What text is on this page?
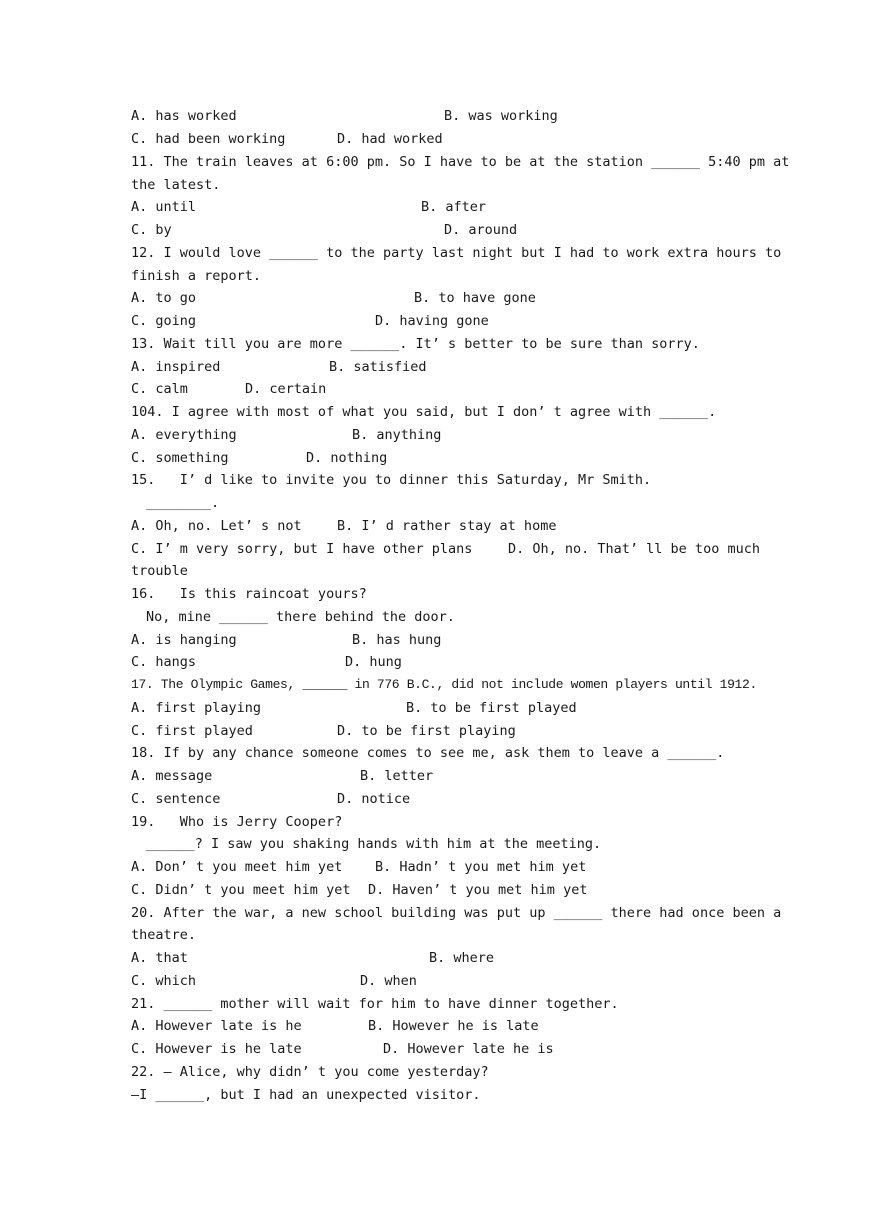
A. has worked	B. was working
C. had been working	D. had worked
11. The train leaves at 6:00 pm. So I have to be at the station ______ 5:40 pm at
the latest.
A. until	B. after
C. by	D. around
12. I would love ______ to the party last night but I had to work extra hours to
finish a report.
A. to go	B. to have gone
C. going	D. having gone
13. Wait till you are more ______. It’ s better to be sure than sorry.
A. inspired	B. satisfied
C. calm	D. certain
104. I agree with most of what you said, but I don’ t agree with ______.
A. everything	B. anything
C. something	D. nothing
15.   I’ d like to invite you to dinner this Saturday, Mr Smith.
________.
A. Oh, no. Let’ s not	B. I’ d rather stay at home
C. I’ m very sorry, but I have other plans	D. Oh, no. That’ ll be too much
trouble
16.   Is this raincoat yours?
No, mine ______ there behind the door.
A. is hanging	B. has hung
C. hangs	D. hung
17. The Olympic Games, ______ in 776 B.C., did not include women players until 1912.
A. first playing	B. to be first played
C. first played	D. to be first playing
18. If by any chance someone comes to see me, ask them to leave a ______.
A. message	B. letter
C. sentence	D. notice
19.   Who is Jerry Cooper?
______? I saw you shaking hands with him at the meeting.
A. Don’ t you meet him yet B. Hadn’ t you met him yet
C. Didn’ t you meet him yet D. Haven’ t you met him yet
20. After the war, a new school building was put up ______ there had once been a
theatre.
A. that	B. where
C. which	D. when
21. ______ mother will wait for him to have dinner together.
A. However late is he	B. However he is late
C. However is he late	D. However late he is
22. — Alice, why didn’ t you come yesterday?
—I ______, but I had an unexpected visitor.
